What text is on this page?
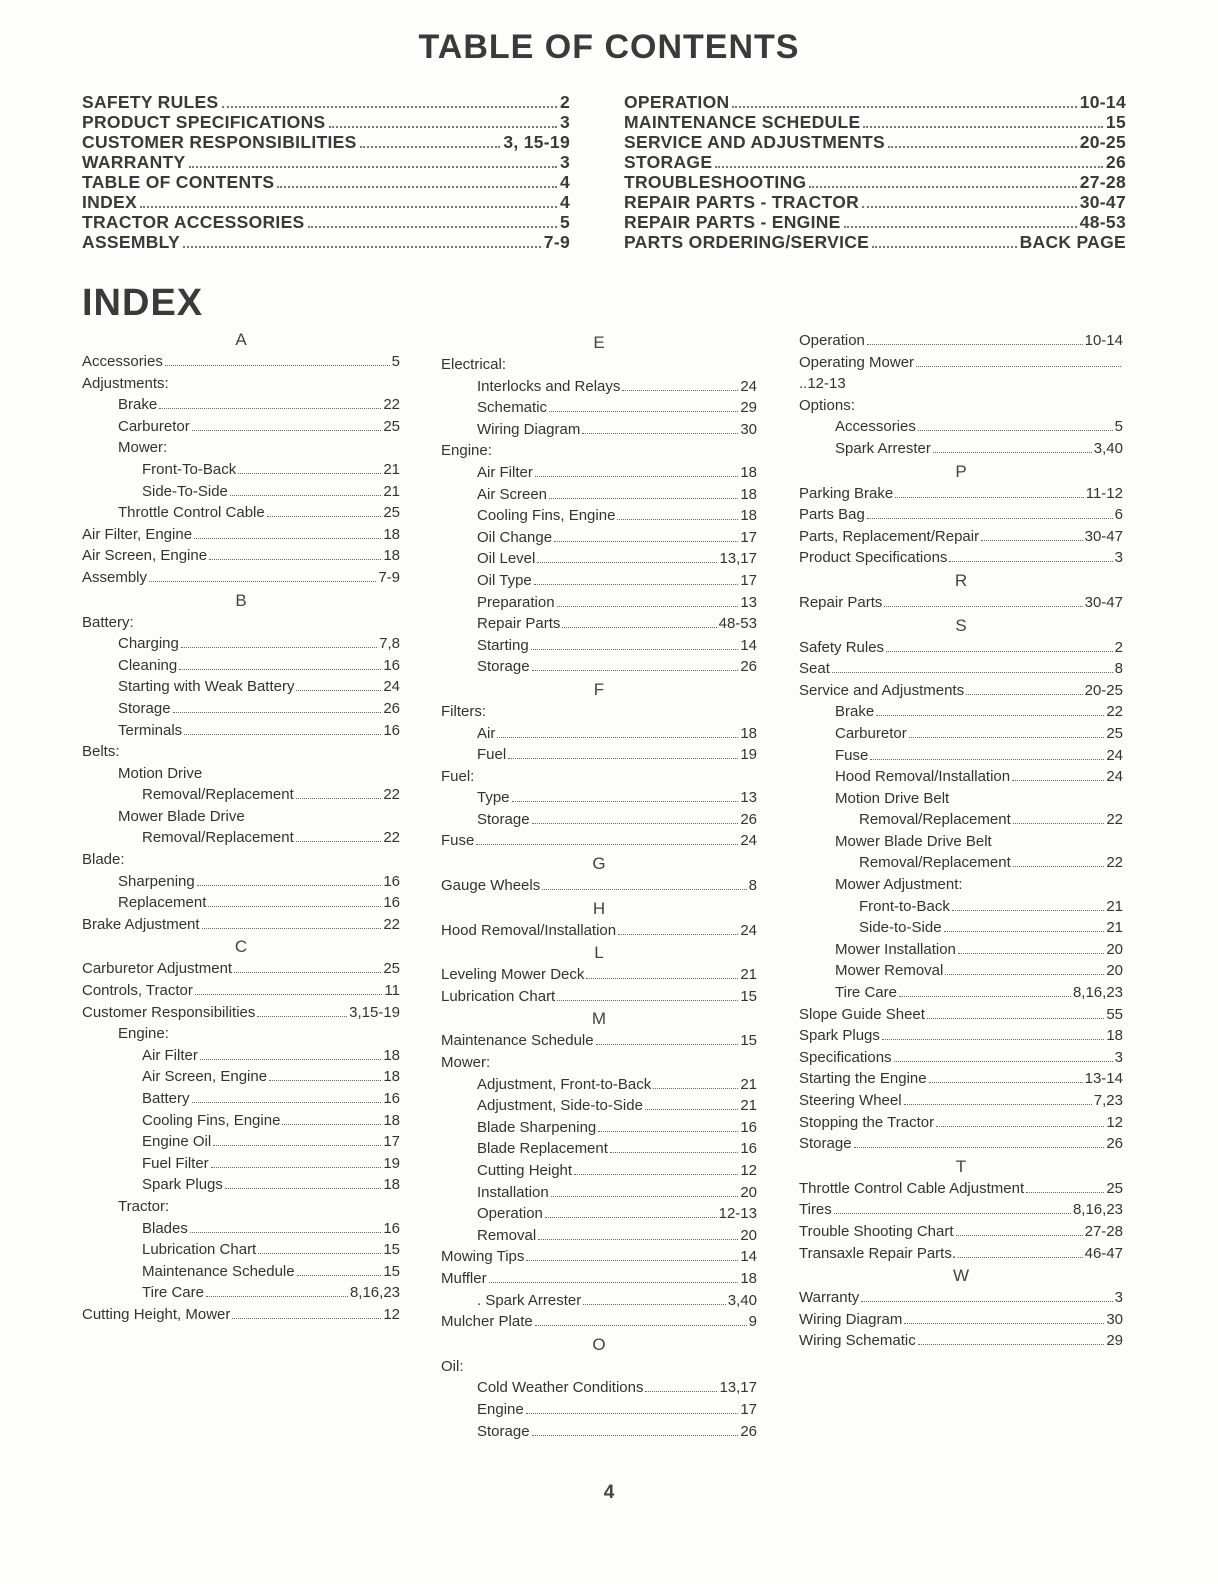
TABLE OF CONTENTS
SAFETY RULES	2
PRODUCT SPECIFICATIONS	3
CUSTOMER RESPONSIBILITIES	3, 15-19
WARRANTY	3
TABLE OF CONTENTS	4
INDEX	4
TRACTOR ACCESSORIES	5
ASSEMBLY	7-9
OPERATION	10-14
MAINTENANCE SCHEDULE	15
SERVICE AND ADJUSTMENTS	20-25
STORAGE	26
TROUBLESHOOTING	27-28
REPAIR PARTS - TRACTOR	30-47
REPAIR PARTS - ENGINE	48-53
PARTS ORDERING/SERVICE	BACK PAGE
INDEX
A
Accessories	5
Adjustments:
Brake	22
Carburetor	25
Mower:
Front-To-Back	21
Side-To-Side	21
Throttle Control Cable	25
Air Filter, Engine	18
Air Screen, Engine	18
Assembly	7-9
B
Battery:
Charging	7,8
Cleaning	16
Starting with Weak Battery	24
Storage	26
Terminals	16
Belts:
Motion Drive
Removal/Replacement	22
Mower Blade Drive
Removal/Replacement	22
Blade:
Sharpening	16
Replacement	16
Brake Adjustment	22
C
Carburetor Adjustment	25
Controls, Tractor	11
Customer Responsibilities	3,15-19
Engine:
Air Filter	18
Air Screen, Engine	18
Battery	16
Cooling Fins, Engine	18
Engine Oil	17
Fuel Filter	19
Spark Plugs	18
Tractor:
Blades	16
Lubrication Chart	15
Maintenance Schedule	15
Tire Care	8,16,23
Cutting Height, Mower	12
E
Electrical:
Interlocks and Relays	24
Schematic	29
Wiring Diagram	30
Engine:
Air Filter	18
Air Screen	18
Cooling Fins, Engine	18
Oil Change	17
Oil Level	13,17
Oil Type	17
Preparation	13
Repair Parts	48-53
Starting	14
Storage	26
F
Filters:
Air	18
Fuel	19
Fuel:
Type	13
Storage	26
Fuse	24
G
Gauge Wheels	8
H
Hood Removal/Installation	24
L
Leveling Mower Deck	21
Lubrication Chart	15
M
Maintenance Schedule	15
Mower:
Adjustment, Front-to-Back	21
Adjustment, Side-to-Side	21
Blade Sharpening	16
Blade Replacement	16
Cutting Height	12
Installation	20
Operation	12-13
Removal	20
Mowing Tips	14
Muffler	18
. Spark Arrester	3,40
Mulcher Plate	9
O
Oil:
Cold Weather Conditions	13,17
Engine	17
Storage	26
Operation	10-14
Operating Mower
..12-13
Options:
Accessories	5
Spark Arrester	3,40
P
Parking Brake	11-12
Parts Bag	6
Parts, Replacement/Repair	30-47
Product Specifications	3
R
Repair Parts	30-47
S
Safety Rules	2
Seat	8
Service and Adjustments	20-25
Brake	22
Carburetor	25
Fuse	24
Hood Removal/Installation	24
Motion Drive Belt
Removal/Replacement	22
Mower Blade Drive Belt
Removal/Replacement	22
Mower Adjustment:
Front-to-Back	21
Side-to-Side	21
Mower Installation	20
Mower Removal	20
Tire Care	8,16,23
Slope Guide Sheet	55
Spark Plugs	18
Specifications	3
Starting the Engine	13-14
Steering Wheel	7,23
Stopping the Tractor	12
Storage	26
T
Throttle Control Cable Adjustment	25
Tires	8,16,23
Trouble Shooting Chart	27-28
Transaxle Repair Parts.	46-47
W
Warranty	3
Wiring Diagram	30
Wiring Schematic	29
4
